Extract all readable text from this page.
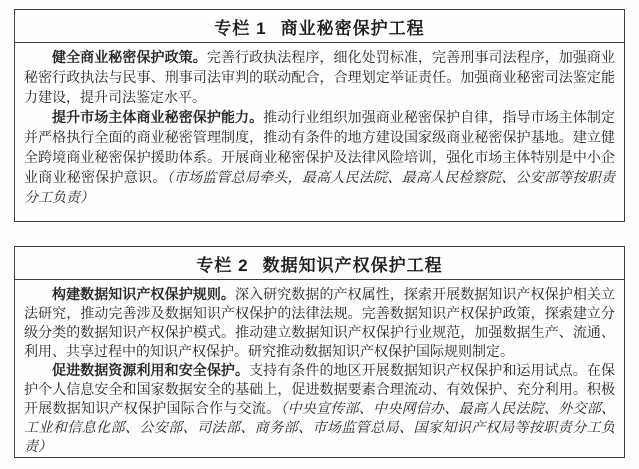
专栏 1 商业秘密保护工程

健全商业秘密保护政策。完善行政执法程序，细化处罚标准，完善刑事司法程序，加强商业秘密行政执法与民事、刑事司法审判的联动配合，合理划定举证责任。加强商业秘密司法鉴定能力建设，提升司法鉴定水平。

提升市场主体商业秘密保护能力。推动行业组织加强商业秘密保护自律，指导市场主体制定并严格执行全面的商业秘密管理制度，推动有条件的地方建设国家级商业秘密保护基地。建立健全跨境商业秘密保护援助体系。开展商业秘密保护及法律风险培训，强化市场主体特别是中小企业商业秘密保护意识。（市场监管总局牵头，最高人民法院、最高人民检察院、公安部等按职责分工负责）

专栏 2 数据知识产权保护工程

构建数据知识产权保护规则。深入研究数据的产权属性，探索开展数据知识产权保护相关立法研究，推动完善涉及数据知识产权保护的法律法规。完善数据知识产权保护政策，探索建立分级分类的数据知识产权保护模式。推动建立数据知识产权保护行业规范，加强数据生产、流通、利用、共享过程中的知识产权保护。研究推动数据知识产权保护国际规则制定。

促进数据资源利用和安全保护。支持有条件的地区开展数据知识产权保护和运用试点。在保护个人信息安全和国家数据安全的基础上，促进数据要素合理流动、有效保护、充分利用。积极开展数据知识产权保护国际合作与交流。（中央宣传部、中央网信办、最高人民法院、外交部、工业和信息化部、公安部、司法部、商务部、市场监管总局、国家知识产权局等按职责分工负责）
